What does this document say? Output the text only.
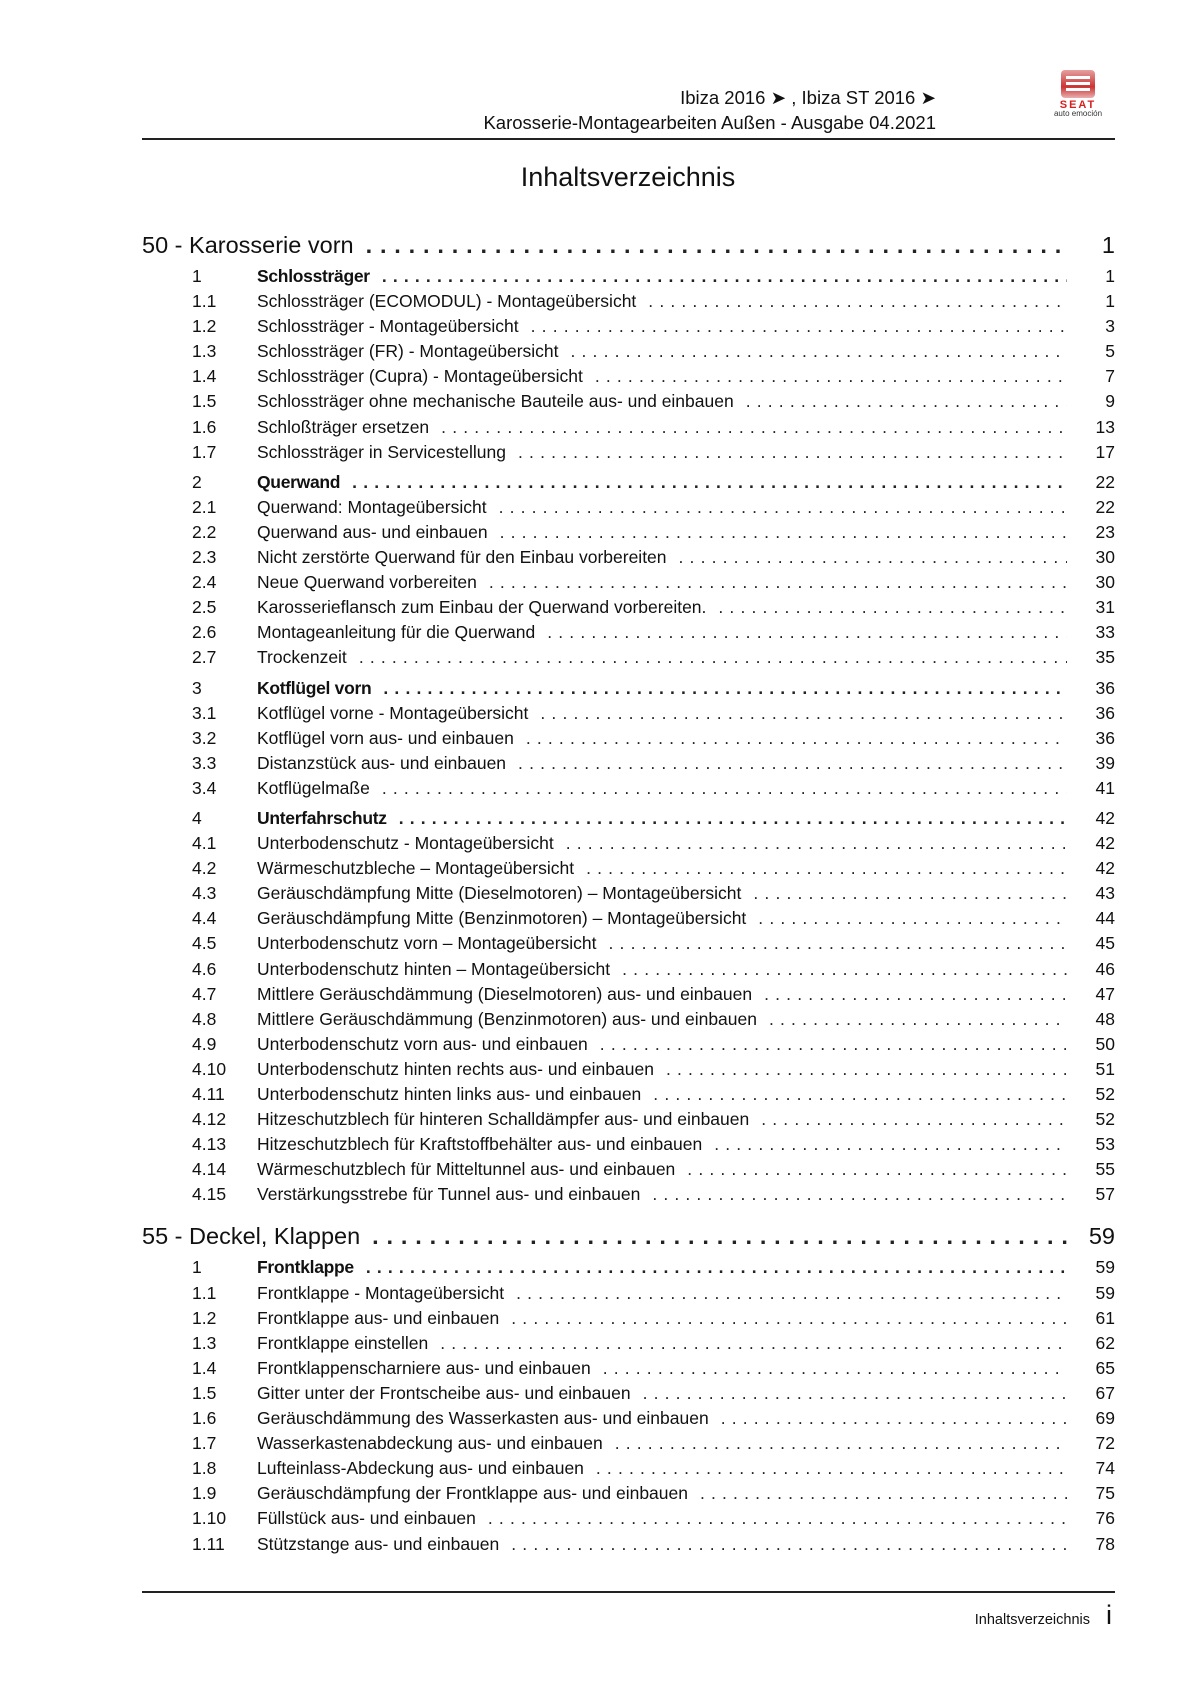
Ibiza 2016 ➤ , Ibiza ST 2016 ➤
Karosserie-Montagearbeiten Außen - Ausgabe 04.2021
SEAT
auto emoción
Inhaltsverzeichnis
50 - Karosserie vorn . . .	1
1	Schlossträger . . .	1
1.1	Schlossträger (ECOMODUL) - Montageübersicht . . .	1
1.2	Schlossträger - Montageübersicht . . .	3
1.3	Schlossträger (FR) - Montageübersicht . . .	5
1.4	Schlossträger (Cupra) - Montageübersicht . . .	7
1.5	Schlossträger ohne mechanische Bauteile aus- und einbauen . . .	9
1.6	Schloßträger ersetzen . . .	13
1.7	Schlossträger in Servicestellung . . .	17
2	Querwand . . .	22
2.1	Querwand: Montageübersicht . . .	22
2.2	Querwand aus- und einbauen . . .	23
2.3	Nicht zerstörte Querwand für den Einbau vorbereiten . . .	30
2.4	Neue Querwand vorbereiten . . .	30
2.5	Karosserieflansch zum Einbau der Querwand vorbereiten. . . .	31
2.6	Montageanleitung für die Querwand . . .	33
2.7	Trockenzeit . . .	35
3	Kotflügel vorn . . .	36
3.1	Kotflügel vorne - Montageübersicht . . .	36
3.2	Kotflügel vorn aus- und einbauen . . .	36
3.3	Distanzstück aus- und einbauen . . .	39
3.4	Kotflügelmaße . . .	41
4	Unterfahrschutz . . .	42
4.1	Unterbodenschutz - Montageübersicht . . .	42
4.2	Wärmeschutzbleche – Montageübersicht . . .	42
4.3	Geräuschdämpfung Mitte (Dieselmotoren) – Montageübersicht . . .	43
4.4	Geräuschdämpfung Mitte (Benzinmotoren) – Montageübersicht . . .	44
4.5	Unterbodenschutz vorn – Montageübersicht . . .	45
4.6	Unterbodenschutz hinten – Montageübersicht . . .	46
4.7	Mittlere Geräuschdämmung (Dieselmotoren) aus- und einbauen . . .	47
4.8	Mittlere Geräuschdämmung (Benzinmotoren) aus- und einbauen . . .	48
4.9	Unterbodenschutz vorn aus- und einbauen . . .	50
4.10	Unterbodenschutz hinten rechts aus- und einbauen . . .	51
4.11	Unterbodenschutz hinten links aus- und einbauen . . .	52
4.12	Hitzeschutzblech für hinteren Schalldämpfer aus- und einbauen . . .	52
4.13	Hitzeschutzblech für Kraftstoffbehälter aus- und einbauen . . .	53
4.14	Wärmeschutzblech für Mitteltunnel aus- und einbauen . . .	55
4.15	Verstärkungsstrebe für Tunnel aus- und einbauen . . .	57
55 - Deckel, Klappen . . .	59
1	Frontklappe . . .	59
1.1	Frontklappe - Montageübersicht . . .	59
1.2	Frontklappe aus- und einbauen . . .	61
1.3	Frontklappe einstellen . . .	62
1.4	Frontklappenscharniere aus- und einbauen . . .	65
1.5	Gitter unter der Frontscheibe aus- und einbauen . . .	67
1.6	Geräuschdämmung des Wasserkasten aus- und einbauen . . .	69
1.7	Wasserkastenabdeckung aus- und einbauen . . .	72
1.8	Lufteinlass-Abdeckung aus- und einbauen . . .	74
1.9	Geräuschdämpfung der Frontklappe aus- und einbauen . . .	75
1.10	Füllstück aus- und einbauen . . .	76
1.11	Stützstange aus- und einbauen . . .	78
Inhaltsverzeichnis i
